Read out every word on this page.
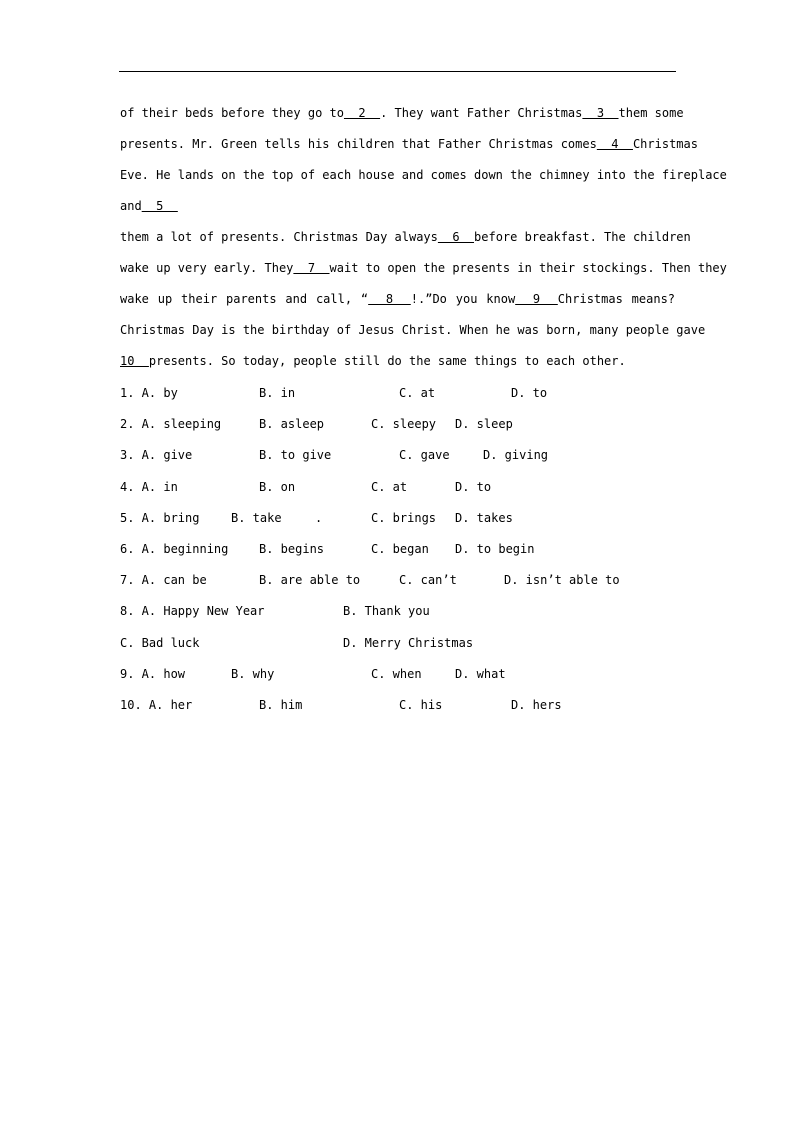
of their beds before they go to  2  . They want Father Christmas  3  them some
presents. Mr. Green tells his children that Father Christmas comes  4  Christmas
Eve. He lands on the top of each house and comes down the chimney into the fireplace
and  5
them a lot of presents. Christmas Day always  6  before breakfast. The children
wake up very early. They  7  wait to open the presents in their stockings. Then they
wake up their parents and call, “  8  !.”Do you know  9  Christmas means?
Christmas Day is the birthday of Jesus Christ. When he was born, many people gave
10  presents. So today, people still do the same things to each other.
1. A. by	B. in	C. at	D. to
2. A. sleeping	B. asleep	C. sleepy D. sleep
3. A. give	B. to give	C. gave	D. giving
4. A. in	B. on	C. at	D. to
5. A. bring	B. take	.	C. brings D. takes
6. A. beginning	B. begins	C. began D. to begin
7. A. can be	B. are able to	C. can’t	D. isn’t able to
8. A. Happy New Year	B. Thank you
C. Bad luck	D. Merry Christmas
9. A. how	B. why	C. when	D. what
10. A. her	B. him	C. his	D. hers
